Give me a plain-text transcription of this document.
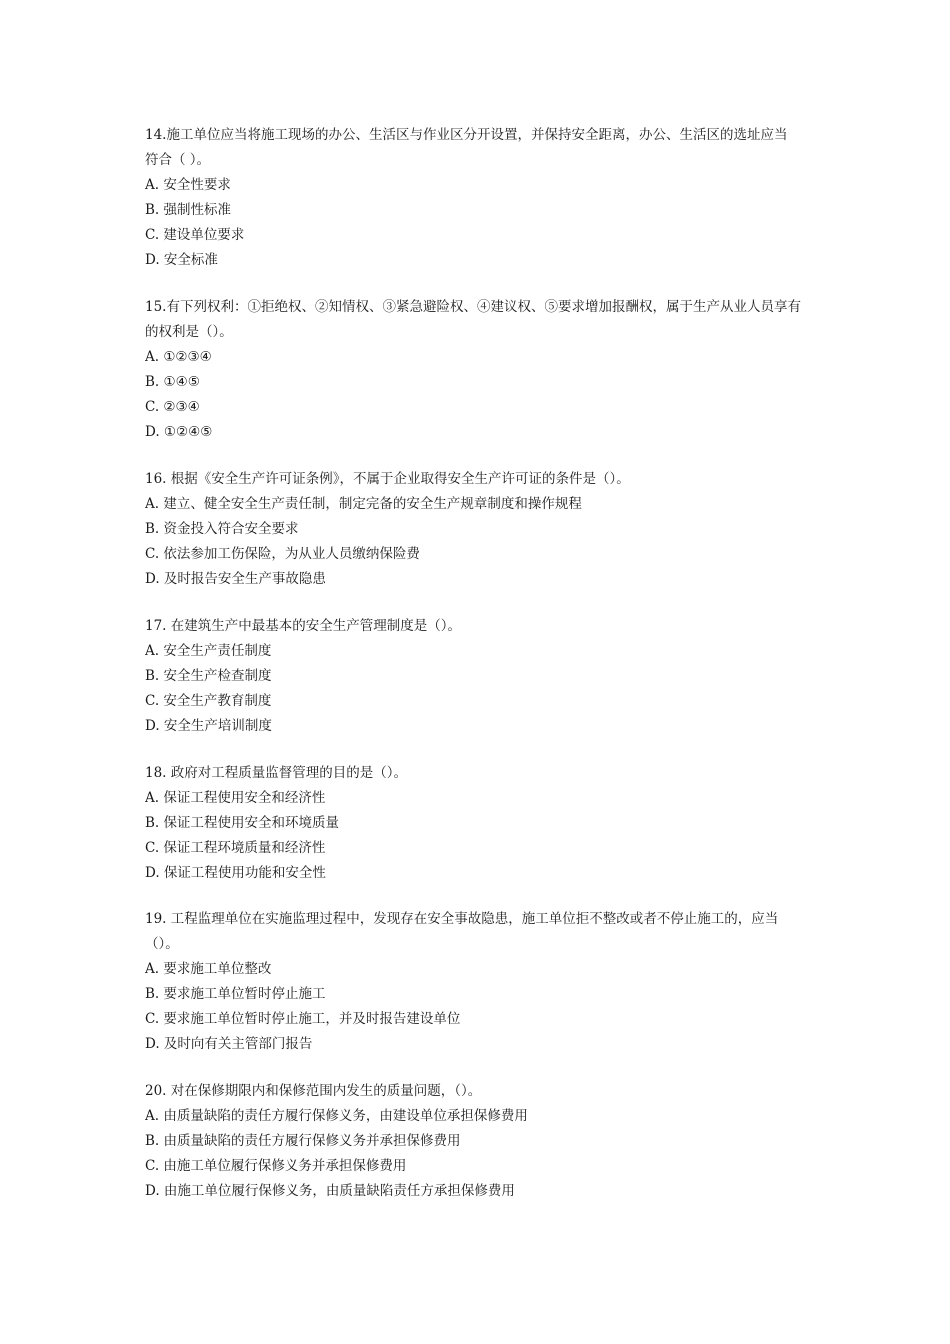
14.施工单位应当将施工现场的办公、生活区与作业区分开设置，并保持安全距离，办公、生活区的选址应当
符合（ ）。
A. 安全性要求
B. 强制性标准
C. 建设单位要求
D. 安全标准
15.有下列权利：①拒绝权、②知情权、③紧急避险权、④建议权、⑤要求增加报酬权，属于生产从业人员享有
的权利是（）。
A. ①②③④
B. ①④⑤
C. ②③④
D. ①②④⑤
16. 根据《安全生产许可证条例》，不属于企业取得安全生产许可证的条件是（）。
A. 建立、健全安全生产责任制，制定完备的安全生产规章制度和操作规程
B. 资金投入符合安全要求
C. 依法参加工伤保险，为从业人员缴纳保险费
D. 及时报告安全生产事故隐患
17. 在建筑生产中最基本的安全生产管理制度是（）。
A. 安全生产责任制度
B. 安全生产检查制度
C. 安全生产教育制度
D. 安全生产培训制度
18. 政府对工程质量监督管理的目的是（）。
A. 保证工程使用安全和经济性
B. 保证工程使用安全和环境质量
C. 保证工程环境质量和经济性
D. 保证工程使用功能和安全性
19. 工程监理单位在实施监理过程中，发现存在安全事故隐患，施工单位拒不整改或者不停止施工的，应当
（）。
A. 要求施工单位整改
B. 要求施工单位暂时停止施工
C. 要求施工单位暂时停止施工，并及时报告建设单位
D. 及时向有关主管部门报告
20. 对在保修期限内和保修范围内发生的质量问题，（）。
A. 由质量缺陷的责任方履行保修义务，由建设单位承担保修费用
B. 由质量缺陷的责任方履行保修义务并承担保修费用
C. 由施工单位履行保修义务并承担保修费用
D. 由施工单位履行保修义务，由质量缺陷责任方承担保修费用
